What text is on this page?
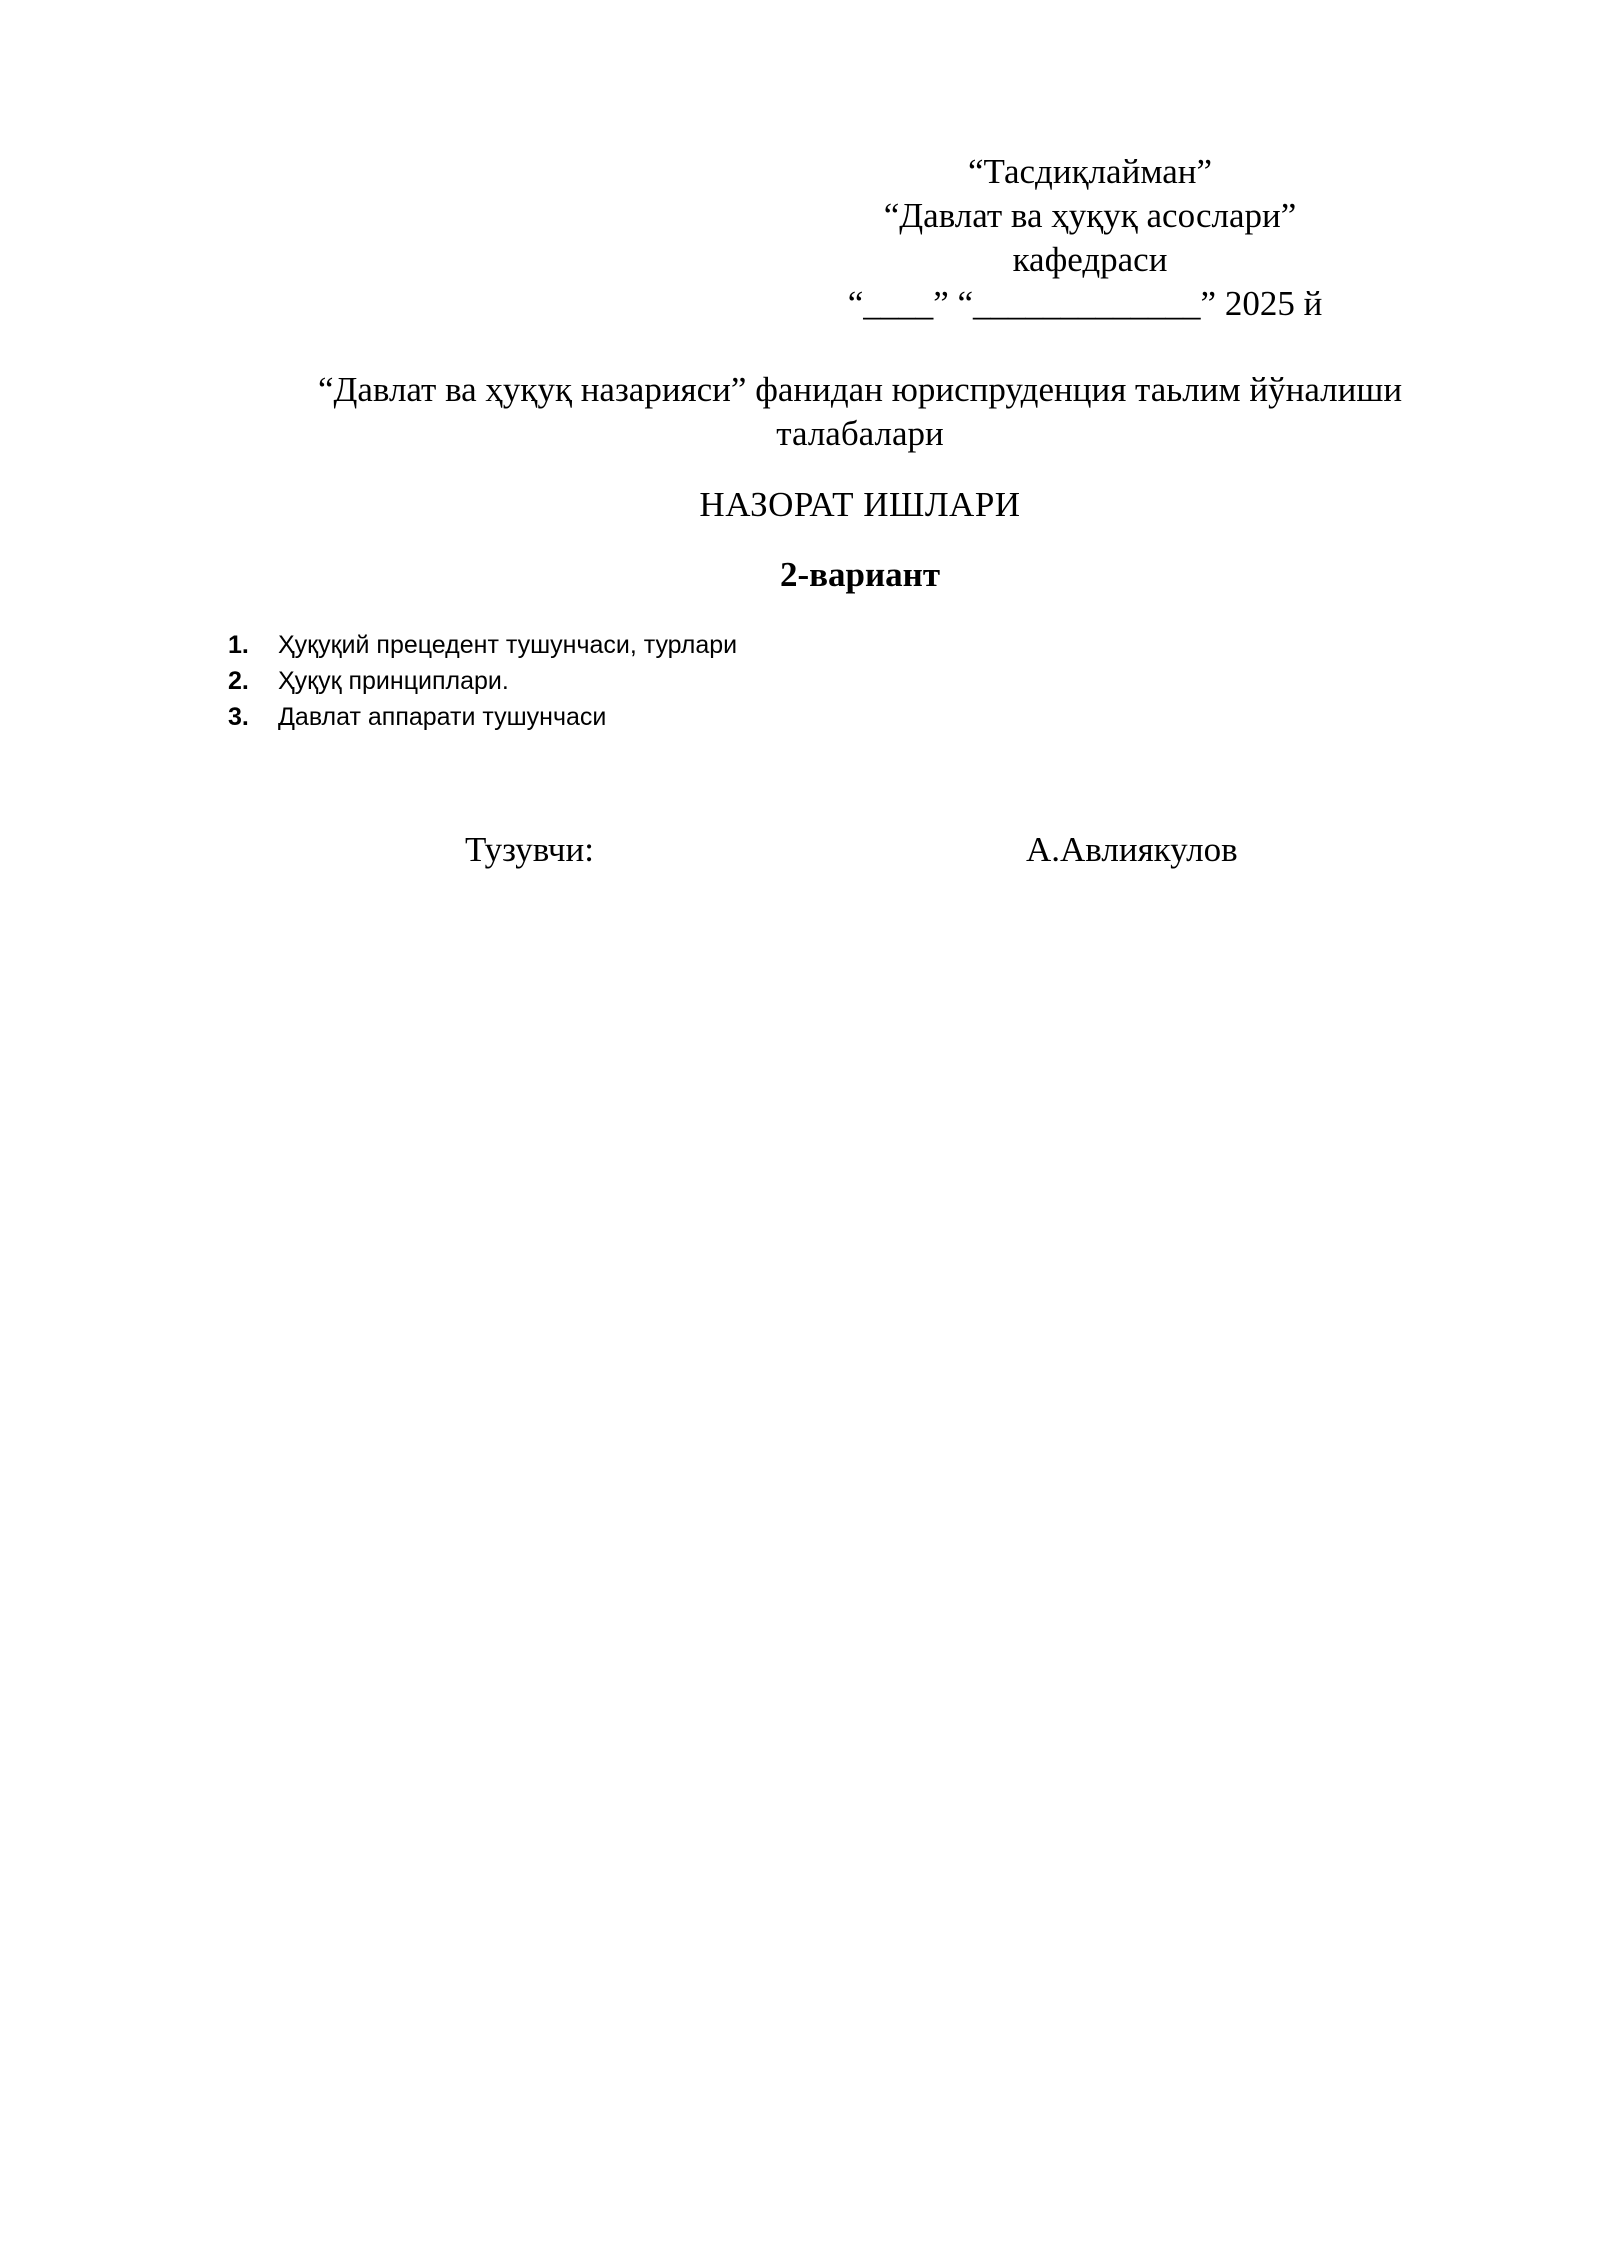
“Тасдиқлайман”
“Давлат ва ҳуқуқ асослари”
кафедраси
“____” “_____________” 2025 й
“Давлат ва ҳуқуқ назарияси” фанидан юриспруденция таьлим йўналиши
талабалари
НАЗОРАТ ИШЛАРИ
2-вариант
1.	Ҳуқуқий прецедент тушунчаси, турлари
2.	Ҳуқуқ принциплари.
3.	Давлат аппарати тушунчаси
Тузувчи:	А.Авлиякулов
